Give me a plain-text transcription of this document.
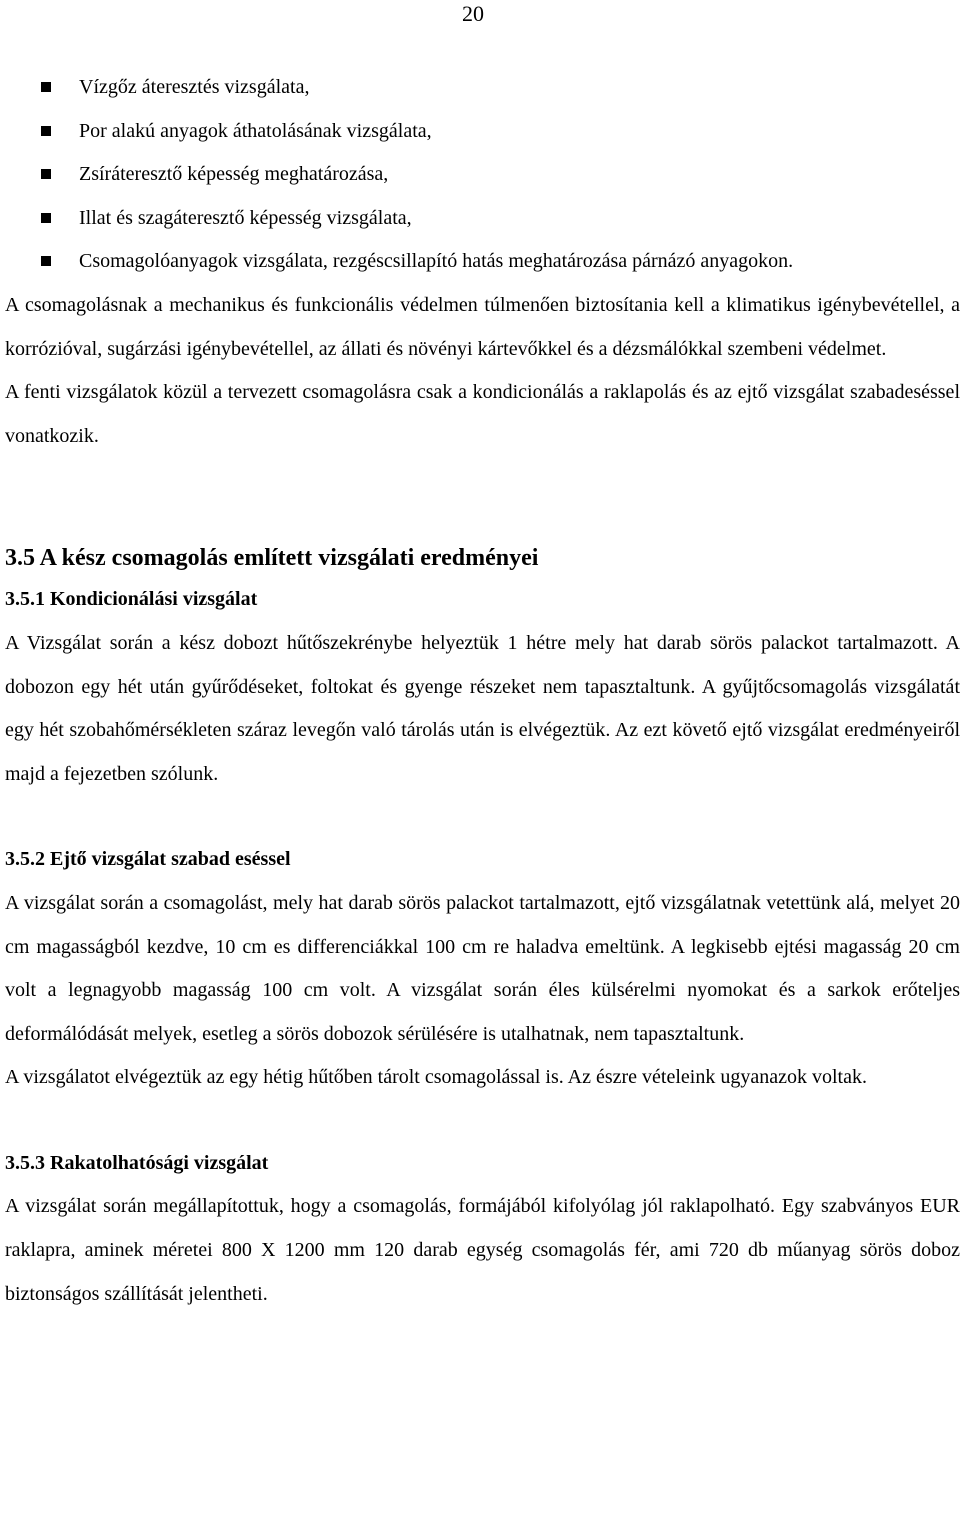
20
Vízgőz áteresztés vizsgálata,
Por alakú anyagok áthatolásának vizsgálata,
Zsíráteresztő képesség meghatározása,
Illat és szagáteresztő képesség vizsgálata,
Csomagolóanyagok vizsgálata, rezgéscsillapító hatás meghatározása párnázó anyagokon.

A csomagolásnak a mechanikus és funkcionális védelmen túlmenően biztosítania kell a klimatikus igénybevétellel, a korrózióval, sugárzási igénybevétellel, az állati és növényi kártevőkkel és a dézsmálókkal szembeni védelmet.

A fenti vizsgálatok közül a tervezett csomagolásra csak a kondicionálás a raklapolás és az ejtő vizsgálat szabadeséssel vonatkozik.

3.5 A kész csomagolás említett vizsgálati eredményei
3.5.1 Kondicionálási vizsgálat

A Vizsgálat során a kész dobozt hűtőszekrénybe helyeztük 1 hétre mely hat darab sörös palackot tartalmazott. A dobozon egy hét után gyűrődéseket, foltokat és gyenge részeket nem tapasztaltunk. A gyűjtőcsomagolás vizsgálatát egy hét szobahőmérsékleten száraz levegőn való tárolás után is elvégeztük. Az ezt követő ejtő vizsgálat eredményeiről majd a fejezetben szólunk.

3.5.2 Ejtő vizsgálat szabad eséssel

A vizsgálat során a csomagolást, mely hat darab sörös palackot tartalmazott, ejtő vizsgálatnak vetettünk alá, melyet 20 cm magasságból kezdve, 10 cm es differenciákkal 100 cm re haladva emeltünk. A legkisebb ejtési magasság 20 cm volt a legnagyobb magasság 100 cm volt. A vizsgálat során éles külsérelmi nyomokat és a sarkok erőteljes deformálódását melyek, esetleg a sörös dobozok sérülésére is utalhatnak, nem tapasztaltunk.

A vizsgálatot elvégeztük az egy hétig hűtőben tárolt csomagolással is. Az észre vételeink ugyanazok voltak.

3.5.3 Rakatolhatósági vizsgálat

A vizsgálat során megállapítottuk, hogy a csomagolás, formájából kifolyólag jól raklapolható. Egy szabványos EUR raklapra, aminek méretei 800 X 1200 mm 120 darab egység csomagolás fér, ami 720 db műanyag sörös doboz biztonságos szállítását jelentheti.
